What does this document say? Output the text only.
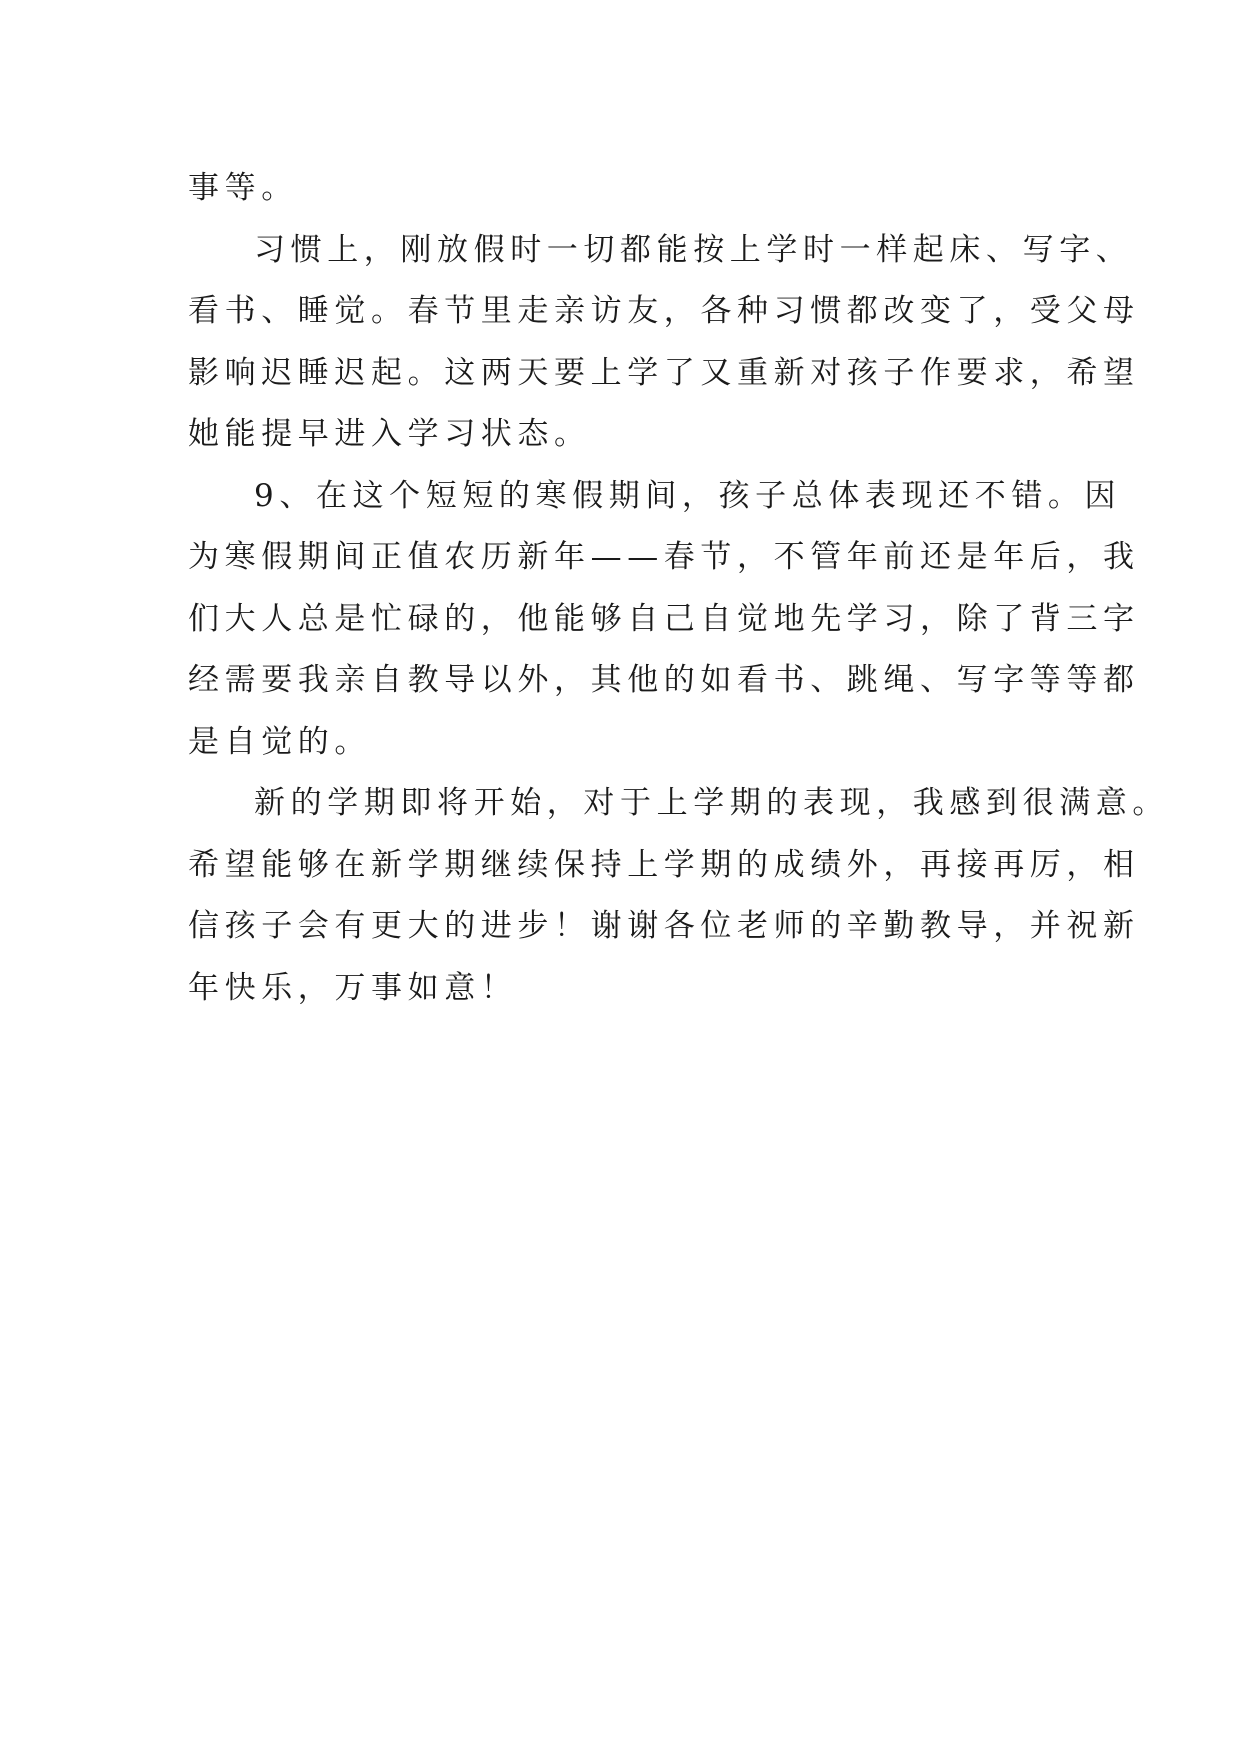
事等。
习惯上，刚放假时一切都能按上学时一样起床、写字、
看书、睡觉。春节里走亲访友，各种习惯都改变了，受父母
影响迟睡迟起。这两天要上学了又重新对孩子作要求，希望
她能提早进入学习状态。
9、在这个短短的寒假期间，孩子总体表现还不错。因
为寒假期间正值农历新年——春节，不管年前还是年后，我
们大人总是忙碌的，他能够自己自觉地先学习，除了背三字
经需要我亲自教导以外，其他的如看书、跳绳、写字等等都
是自觉的。
新的学期即将开始，对于上学期的表现，我感到很满意。
希望能够在新学期继续保持上学期的成绩外，再接再厉，相
信孩子会有更大的进步！谢谢各位老师的辛勤教导，并祝新
年快乐，万事如意！
